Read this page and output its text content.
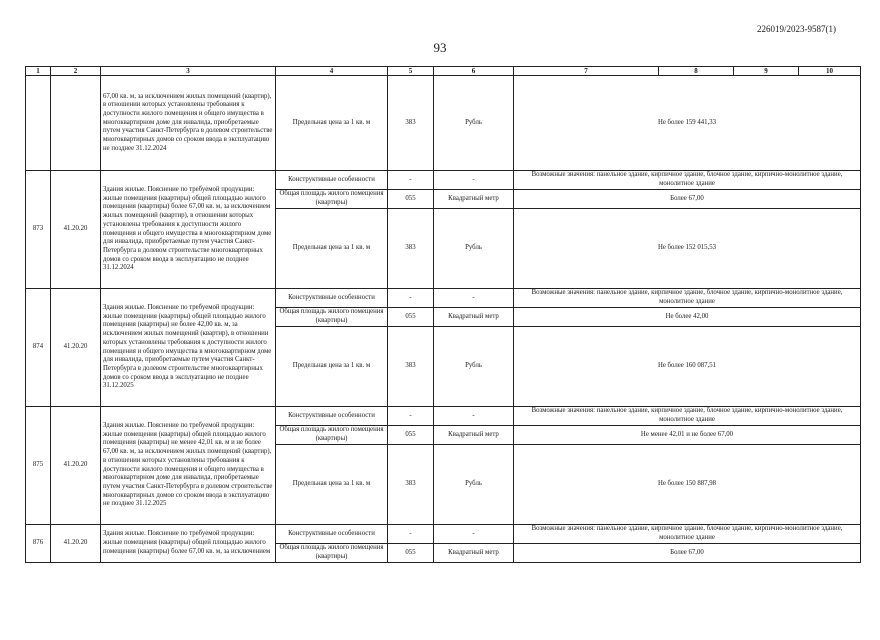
226019/2023-9587(1)
93
1	2	3	4	5	6	7	8	9	10
		67,00 кв. м, за исключением жилых помещений (квартир), в отношении которых установлены требования к доступности жилого помещения и общего имущества в многоквартирном доме для инвалида, приобретаемые путем участия Санкт-Петербурга в долевом строительстве многоквартирных домов со сроком ввода в эксплуатацию не позднее 31.12.2024	Предельная цена за 1 кв. м	383	Рубль	Не более 159 441,33			
873	41.20.20	Здания жилые. Пояснение по требуемой продукции: жилые помещения (квартиры) общей площадью жилого помещения (квартиры) более 67,00 кв. м, за исключением жилых помещений (квартир), в отношении которых установлены требования к доступности жилого помещения и общего имущества в многоквартирном доме для инвалида, приобретаемые путем участия Санкт-Петербурга в долевом строительстве многоквартирных домов со сроком ввода в эксплуатацию не позднее 31.12.2024	Конструктивные особенности	-	-	Возможные значения: панельное здание, кирпичное здание, блочное здание, кирпично-монолитное здание, монолитное здание			
			Общая площадь жилого помещения (квартиры)	055	Квадратный метр	Более 67,00			
			Предельная цена за 1 кв. м	383	Рубль	Не более 152 015,53			
874	41.20.20	Здания жилые. Пояснение по требуемой продукции: жилые помещения (квартиры) общей площадью жилого помещения (квартиры) не более 42,00 кв. м, за исключением жилых помещений (квартир), в отношении которых установлены требования к доступности жилого помещения и общего имущества в многоквартирном доме для инвалида, приобретаемые путем участия Санкт-Петербурга в долевом строительстве многоквартирных домов со сроком ввода в эксплуатацию не позднее 31.12.2025	Конструктивные особенности	-	-	Возможные значения: панельное здание, кирпичное здание, блочное здание, кирпично-монолитное здание, монолитное здание			
			Общая площадь жилого помещения (квартиры)	055	Квадратный метр	Не более 42,00			
			Предельная цена за 1 кв. м	383	Рубль	Не более 160 087,51			
875	41.20.20	Здания жилые. Пояснение по требуемой продукции: жилые помещения (квартиры) общей площадью жилого помещения (квартиры) не менее 42,01 кв. м и не более 67,00 кв. м, за исключением жилых помещений (квартир), в отношении которых установлены требования к доступности жилого помещения и общего имущества в многоквартирном доме для инвалида, приобретаемые путем участия Санкт-Петербурга в долевом строительстве многоквартирных домов со сроком ввода в эксплуатацию не позднее 31.12.2025	Конструктивные особенности	-	-	Возможные значения: панельное здание, кирпичное здание, блочное здание, кирпично-монолитное здание, монолитное здание			
			Общая площадь жилого помещения (квартиры)	055	Квадратный метр	Не менее 42,01 и не более 67,00			
			Предельная цена за 1 кв. м	383	Рубль	Не более 150 887,98			
876	41.20.20	Здания жилые. Пояснение по требуемой продукции: жилые помещения (квартиры) общей площадью жилого помещения (квартиры) более 67,00 кв. м, за исключением	Конструктивные особенности	-	-	Возможные значения: панельное здание, кирпичное здание, блочное здание, кирпично-монолитное здание, монолитное здание			
			Общая площадь жилого помещения (квартиры)	055	Квадратный метр	Более 67,00			
